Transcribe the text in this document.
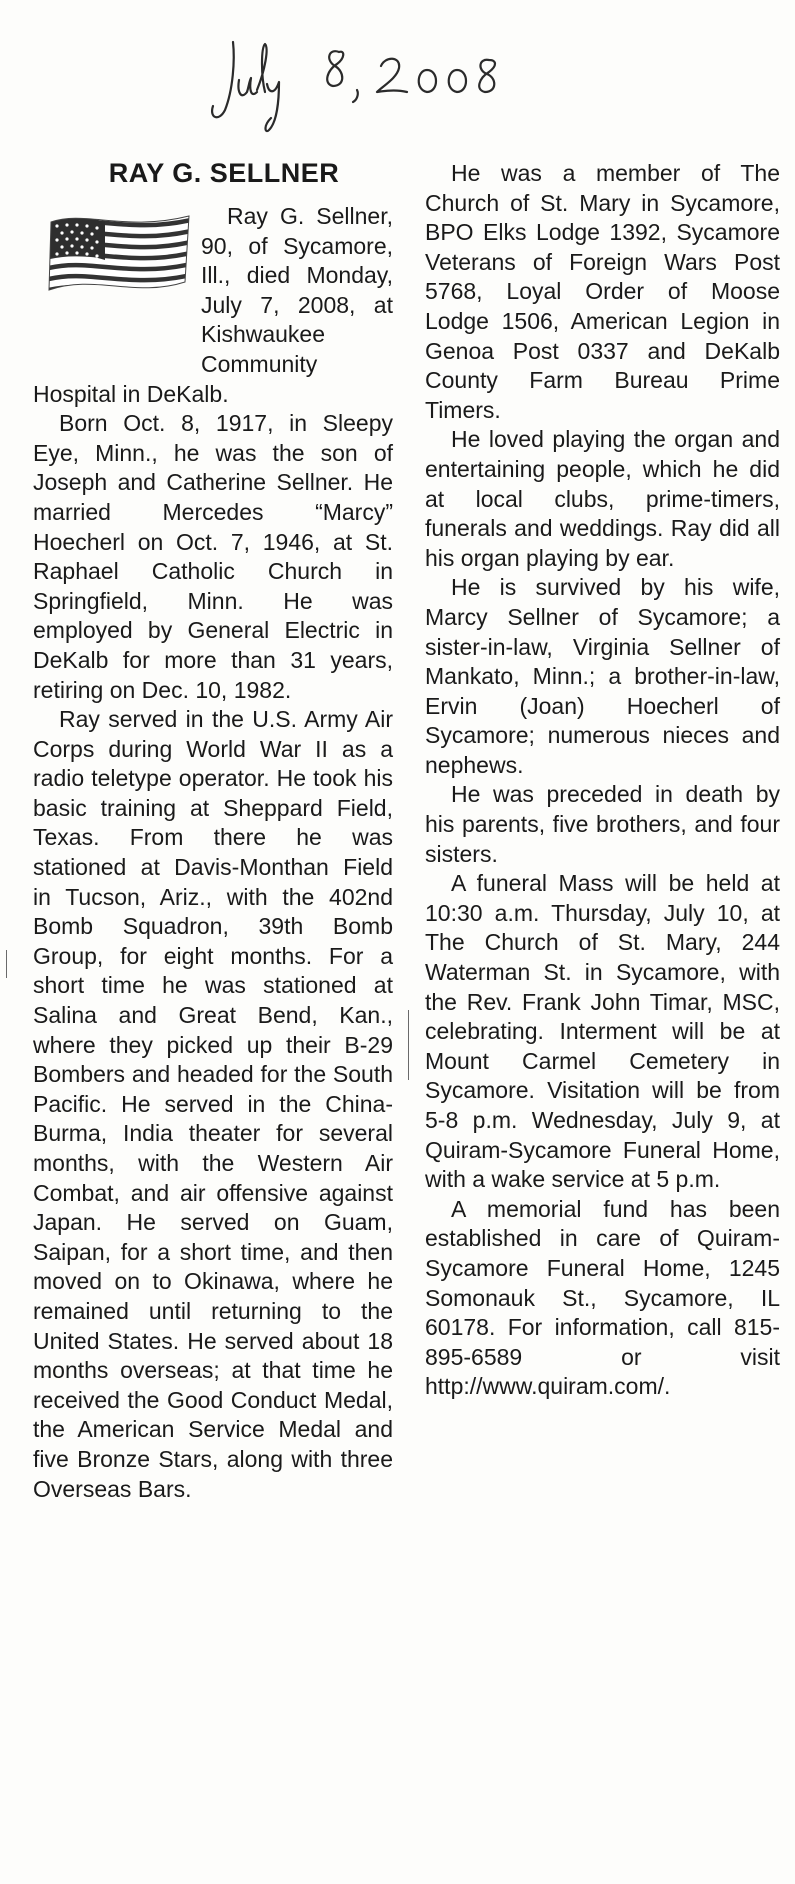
RAY G. SELLNER

Ray G. Sellner, 90, of Sycamore, Ill., died Monday, July 7, 2008, at Kishwaukee Community Hospital in DeKalb.

Born Oct. 8, 1917, in Sleepy Eye, Minn., he was the son of Joseph and Catherine Sellner. He married Mercedes “Marcy” Hoecherl on Oct. 7, 1946, at St. Raphael Catholic Church in Springfield, Minn. He was employed by General Electric in DeKalb for more than 31 years, retiring on Dec. 10, 1982.

Ray served in the U.S. Army Air Corps during World War II as a radio teletype operator. He took his basic training at Sheppard Field, Texas. From there he was stationed at Davis-Monthan Field in Tucson, Ariz., with the 402nd Bomb Squadron, 39th Bomb Group, for eight months. For a short time he was stationed at Salina and Great Bend, Kan., where they picked up their B-29 Bombers and headed for the South Pacific. He served in the China-Burma, India theater for several months, with the Western Air Combat, and air offensive against Japan. He served on Guam, Saipan, for a short time, and then moved on to Okinawa, where he remained until returning to the United States. He served about 18 months overseas; at that time he received the Good Conduct Medal, the American Service Medal and five Bronze Stars, along with three Overseas Bars.

He was a member of The Church of St. Mary in Sycamore, BPO Elks Lodge 1392, Sycamore Veterans of Foreign Wars Post 5768, Loyal Order of Moose Lodge 1506, American Legion in Genoa Post 0337 and DeKalb County Farm Bureau Prime Timers.

He loved playing the organ and entertaining people, which he did at local clubs, prime-timers, funerals and weddings. Ray did all his organ playing by ear.

He is survived by his wife, Marcy Sellner of Sycamore; a sister-in-law, Virginia Sellner of Mankato, Minn.; a brother-in-law, Ervin (Joan) Hoecherl of Sycamore; numerous nieces and nephews.

He was preceded in death by his parents, five brothers, and four sisters.

A funeral Mass will be held at 10:30 a.m. Thursday, July 10, at The Church of St. Mary, 244 Waterman St. in Sycamore, with the Rev. Frank John Timar, MSC, celebrating. Interment will be at Mount Carmel Cemetery in Sycamore. Visitation will be from 5-8 p.m. Wednesday, July 9, at Quiram-Sycamore Funeral Home, with a wake service at 5 p.m.

A memorial fund has been established in care of Quiram-Sycamore Funeral Home, 1245 Somonauk St., Sycamore, IL 60178. For information, call 815-895-6589 or visit http://www.quiram.com/.
